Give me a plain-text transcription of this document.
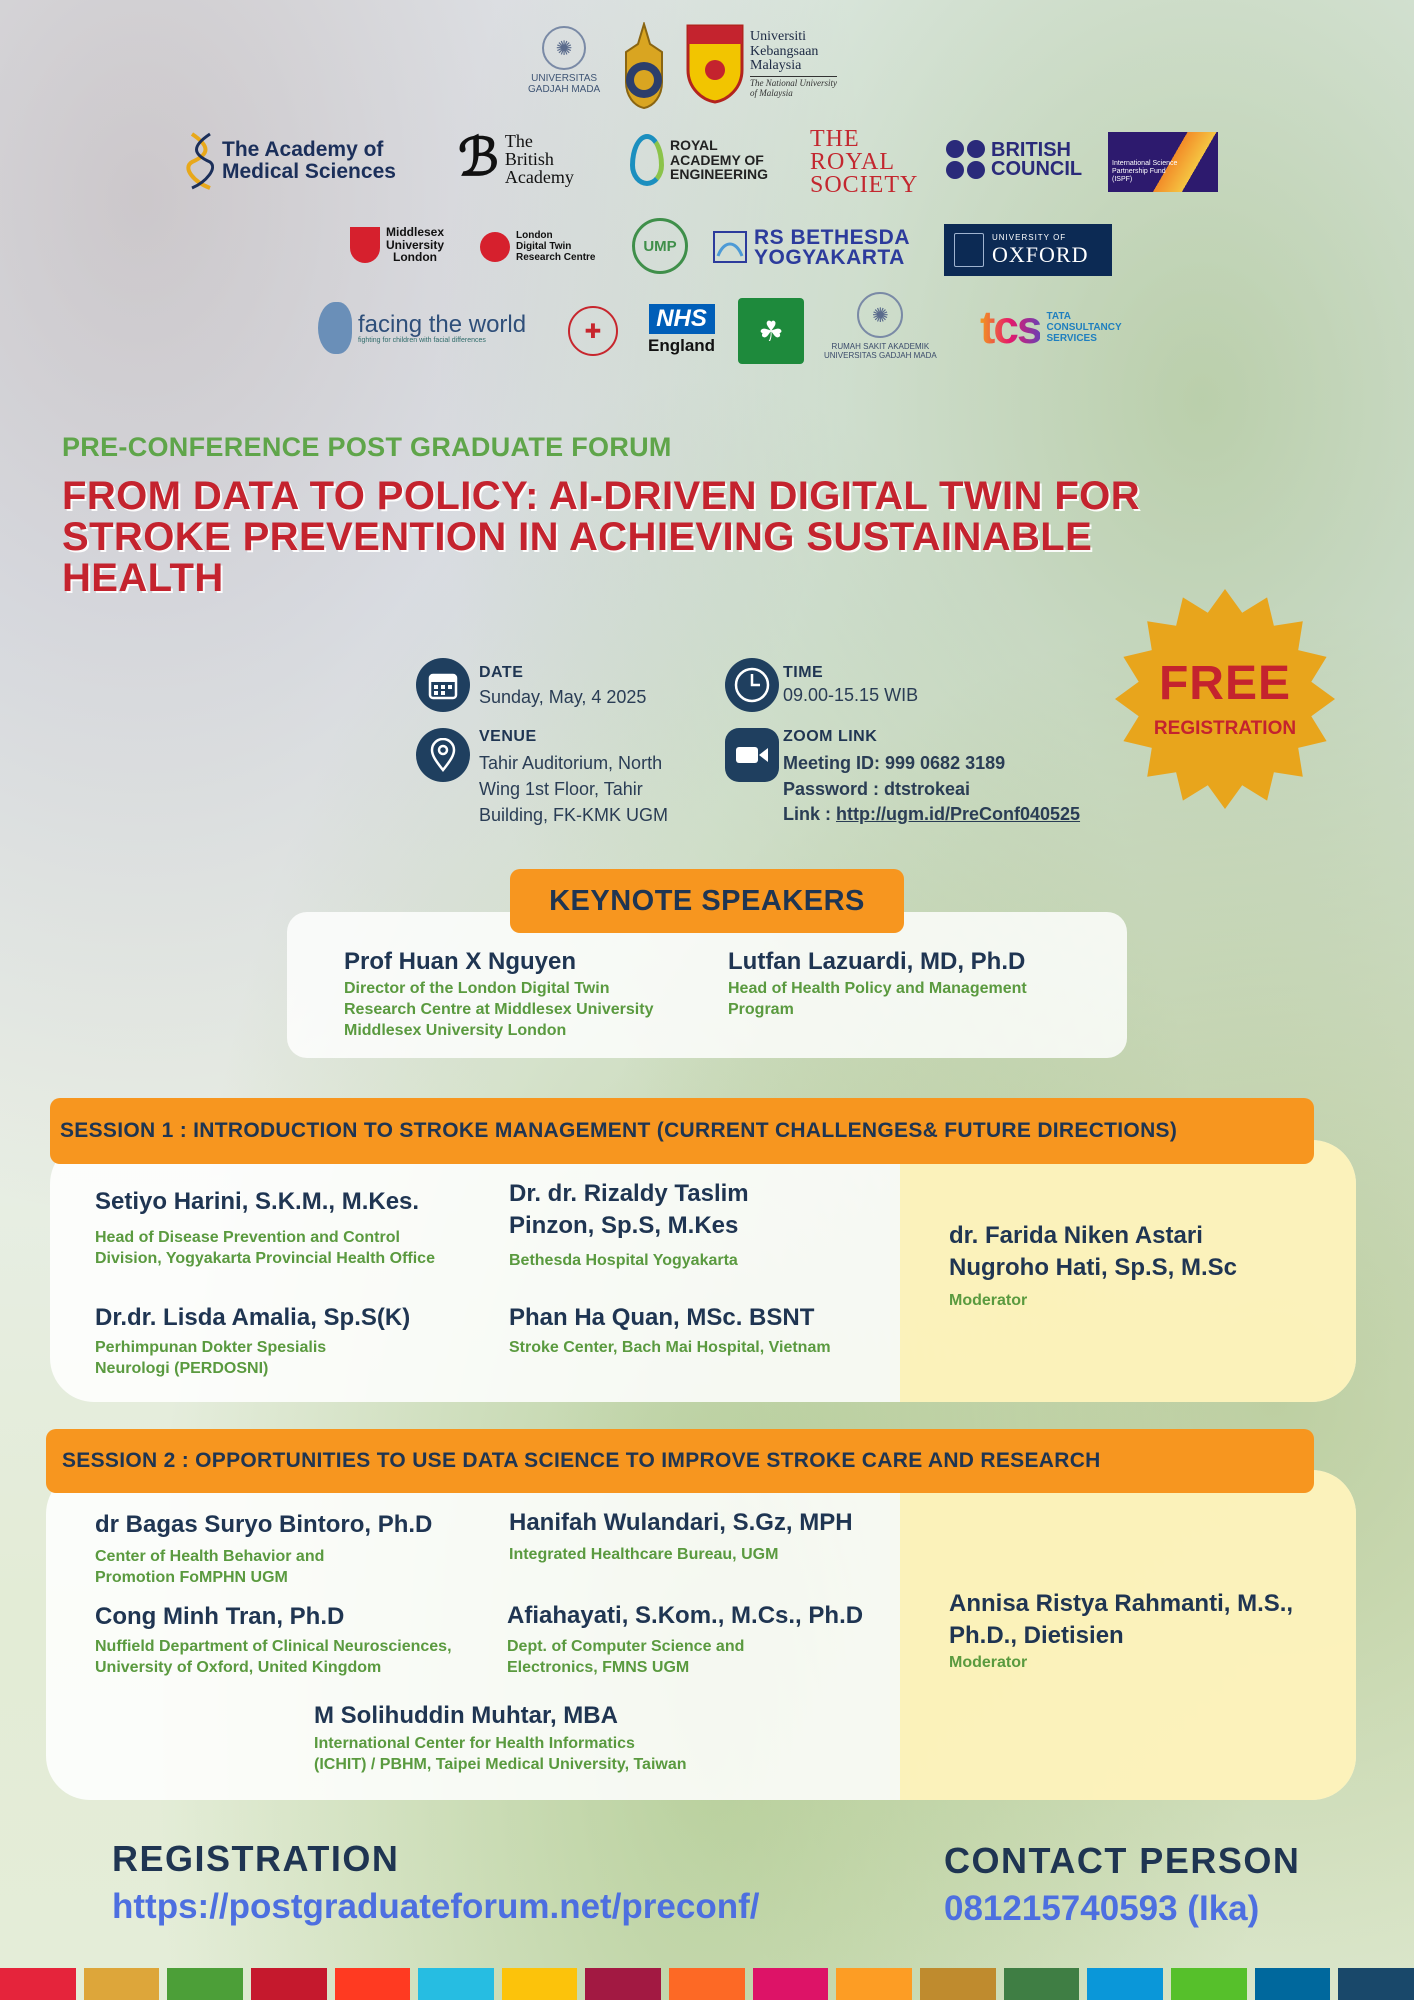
✺
UNIVERSITAS
GADJAH MADA
Universiti
Kebangsaan
Malaysia
The National University
of Malaysia
The Academy of
Medical Sciences ℬ The
British
Academy
ROYAL
ACADEMY OF
ENGINEERING
THE
ROYAL
SOCIETY
BRITISH
COUNCIL	International Science
Partnership Fund
(ISPF)
Middlesex
University
London
London
Digital Twin
Research Centre
UMP	RS BETHESDA
YOGYAKARTA
UNIVERSITY OF
OXFORD
facing the world
fighting for children with facial differences	✚	NHS
England	☘	✺
RUMAH SAKIT AKADEMIK
UNIVERSITAS GADJAH MADA
tcs TATA
CONSULTANCY
SERVICES
PRE-CONFERENCE POST GRADUATE FORUM
FROM DATA TO POLICY: AI-DRIVEN DIGITAL TWIN FOR STROKE PREVENTION IN ACHIEVING SUSTAINABLE HEALTH
DATE
Sunday, May, 4 2025
TIME
09.00-15.15 WIB
VENUE
Tahir Auditorium, North
Wing 1st Floor, Tahir
Building, FK-KMK UGM
ZOOM LINK
Meeting ID: 999 0682 3189
Password : dtstrokeai
Link : http://ugm.id/PreConf040525
FREE
REGISTRATION
KEYNOTE SPEAKERS
Prof Huan X Nguyen
Director of the London Digital Twin
Research Centre at Middlesex University
Middlesex University London
Lutfan Lazuardi, MD, Ph.D
Head of Health Policy and Management
Program
SESSION 1 : INTRODUCTION TO STROKE MANAGEMENT (CURRENT CHALLENGES& FUTURE DIRECTIONS)
Setiyo Harini, S.K.M., M.Kes.
Head of Disease Prevention and Control
Division, Yogyakarta Provincial Health Office
Dr. dr. Rizaldy Taslim
Pinzon, Sp.S, M.Kes
Bethesda Hospital Yogyakarta
Dr.dr. Lisda Amalia, Sp.S(K)
Perhimpunan Dokter Spesialis
Neurologi (PERDOSNI)
Phan Ha Quan, MSc. BSNT
Stroke Center, Bach Mai Hospital, Vietnam
dr. Farida Niken Astari
Nugroho Hati, Sp.S, M.Sc
Moderator
SESSION 2 : OPPORTUNITIES TO USE DATA SCIENCE TO IMPROVE STROKE CARE AND RESEARCH
dr Bagas Suryo Bintoro, Ph.D
Center of Health Behavior and
Promotion FoMPHN UGM
Hanifah Wulandari, S.Gz, MPH
Integrated Healthcare Bureau, UGM
Cong Minh Tran, Ph.D
Nuffield Department of Clinical Neurosciences,
University of Oxford, United Kingdom
Afiahayati, S.Kom., M.Cs., Ph.D
Dept. of Computer Science and
Electronics, FMNS UGM
M Solihuddin Muhtar, MBA
International Center for Health Informatics
(ICHIT) / PBHM, Taipei Medical University, Taiwan
Annisa Ristya Rahmanti, M.S.,
Ph.D., Dietisien
Moderator
REGISTRATION
https://postgraduateforum.net/preconf/
CONTACT PERSON
081215740593 (Ika)
